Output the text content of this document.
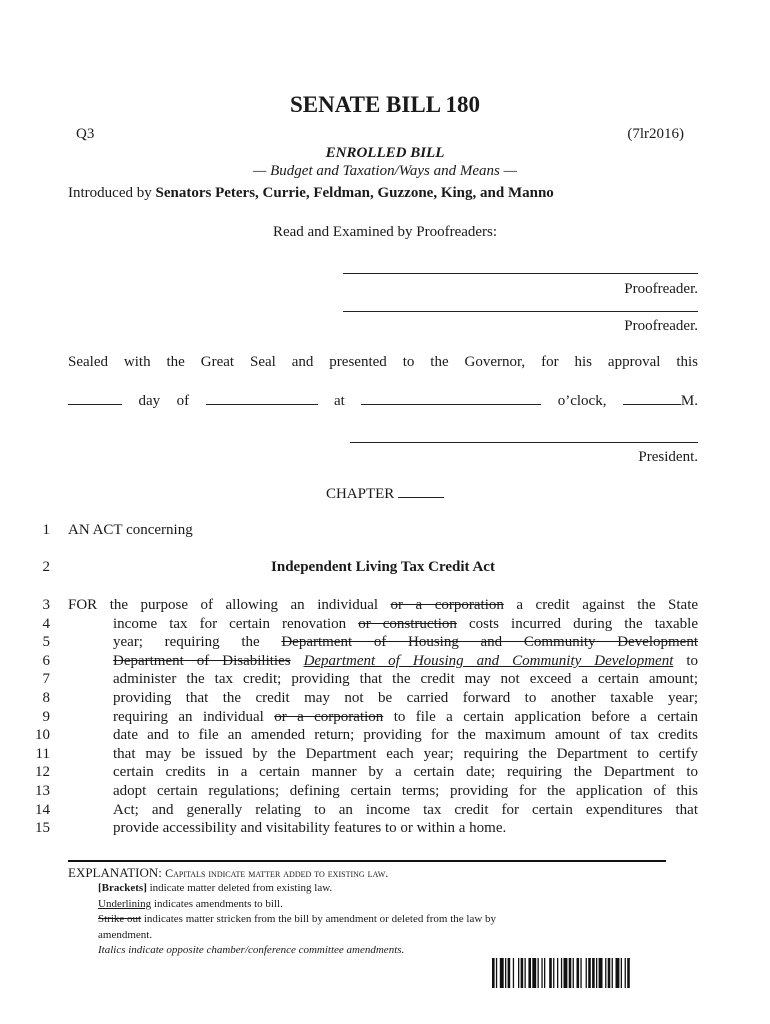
SENATE BILL 180
Q3	(7lr2016)
ENROLLED BILL
— Budget and Taxation/Ways and Means —
Introduced by Senators Peters, Currie, Feldman, Guzzone, King, and Manno
Read and Examined by Proofreaders:
Proofreader.
Proofreader.
Sealed with the Great Seal and presented to the Governor, for his approval this
day of	at	o’clock,	M.
President.
CHAPTER
1 AN ACT concerning
2	Independent Living Tax Credit Act
3 FOR the purpose of allowing an individual or a corporation a credit against the State
4	income tax for certain renovation or construction costs incurred during the taxable
5	year; requiring the Department of Housing and Community Development
6	Department of Disabilities Department of Housing and Community Development to
7	administer the tax credit; providing that the credit may not exceed a certain amount;
8	providing that the credit may not be carried forward to another taxable year;
9	requiring an individual or a corporation to file a certain application before a certain
10	date and to file an amended return; providing for the maximum amount of tax credits
11	that may be issued by the Department each year; requiring the Department to certify
12	certain credits in a certain manner by a certain date; requiring the Department to
13	adopt certain regulations; defining certain terms; providing for the application of this
14	Act; and generally relating to an income tax credit for certain expenditures that
15	provide accessibility and visitability features to or within a home.
EXPLANATION: Capitals indicate matter added to existing law.
[Brackets] indicate matter deleted from existing law.
Underlining indicates amendments to bill.
Strike out indicates matter stricken from the bill by amendment or deleted from the law by
amendment.
Italics indicate opposite chamber/conference committee amendments.
